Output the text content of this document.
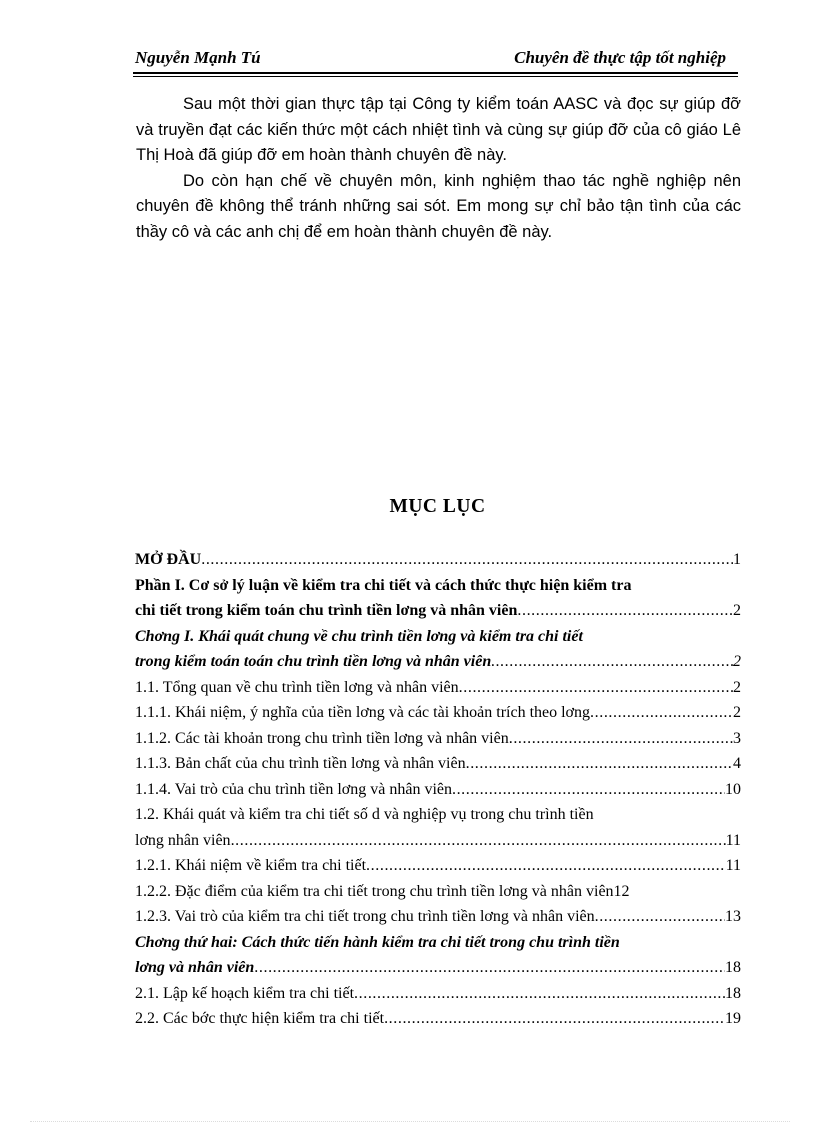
Nguyễn Mạnh Tú	Chuyên đề thực tập tốt nghiệp

Sau một thời gian thực tập tại Công ty kiểm toán AASC và đọc sự giúp đỡ và truyền đạt các kiến thức một cách nhiệt tình và cùng sự giúp đỡ của cô giáo Lê Thị Hoà đã giúp đỡ em hoàn thành chuyên đề này.

Do còn hạn chế về chuyên môn, kinh nghiệm thao tác nghề nghiệp nên chuyên đề không thể tránh những sai sót. Em mong sự chỉ bảo tận tình của các thầy cô và các anh chị để em hoàn thành chuyên đề này.

MỤC LỤC
MỞ ĐẦU .....	1
Phần I. Cơ sở lý luận về kiểm tra chi tiết và cách thức thực hiện kiểm tra
chi tiết trong kiểm toán chu trình tiền lơng và nhân viên .....	2
Chơng I. Khái quát chung về chu trình tiền lơng và kiểm tra chi tiết
trong kiểm toán toán chu trình tiền lơng và nhân viên .....	2
1.1. Tổng quan về chu trình tiền lơng và nhân viên .....	2
1.1.1. Khái niệm, ý nghĩa của tiền lơng và các tài khoản trích theo lơng .....	2
1.1.2. Các tài khoản trong chu trình tiền lơng và nhân viên .....	3
1.1.3. Bản chất của chu trình tiền lơng và nhân viên .....	4
1.1.4. Vai trò của chu trình tiền lơng và nhân viên .....	10
1.2. Khái quát và kiểm tra chi tiết số d và nghiệp vụ trong chu trình tiền
lơng nhân viên .....	11
1.2.1. Khái niệm về kiểm tra chi tiết .....	11
1.2.2. Đặc điểm của kiểm tra chi tiết trong chu trình tiền lơng và nhân viên 12
1.2.3. Vai trò của kiểm tra chi tiết trong chu trình tiền lơng và nhân viên .....	13
Chơng thứ hai: Cách thức tiến hành kiểm tra chi tiết trong chu trình tiền
lơng và nhân viên .....	18
2.1. Lập kế hoạch kiểm tra chi tiết .....	18
2.2. Các bớc thực hiện kiểm tra chi tiết .....	19
